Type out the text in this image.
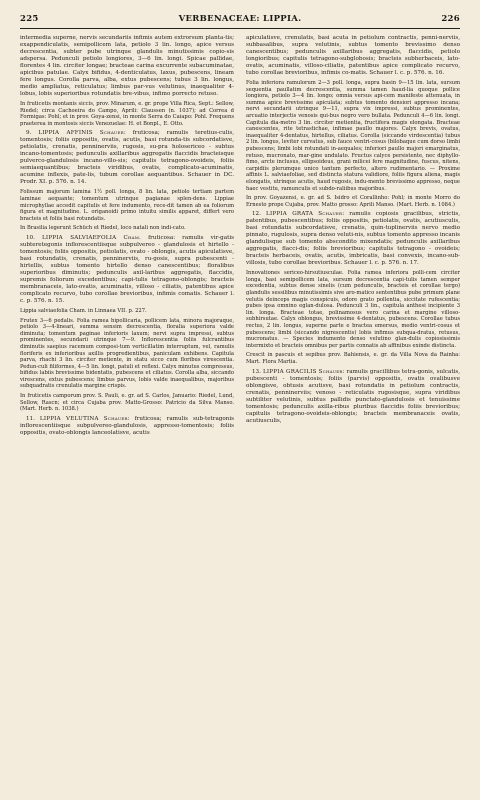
225	VERBENACEAE: LIPPIA.	226

intermedia superne, nervis secundariis infimis autem extrorsum planta-tis; exappendiculatis, semipollicem lata, petiolo 3 lin. longo, apice versus decrescentia, subter pube utrinque glandulis minutissimis copio-sis adspersa. Pedunculi petiolo longiores, 3—6 lin. longi. Spicae pallidae, florentes 4 lin. circiter longae; bracteae carina excurrente subacuminatae, apicibus patulae. Calyx bifidus, 4-denticulatus, laxus, pubescens, lineam fere longus. Corolla parva, alba, extus pubescens; tubus 3 lin. longus, medio ampliatus, reticulatus; limbus par-vus velutinus, inaequaliter 4-lobus, lobis superioribus rotundatis bre-vibus, infimo porrecto retuso.

In fruticetis montanis siccis, prov. Minarum, e. gr. prope Villa Rica, Sept.: Sellow, Riedel; circa Cachoeira do Campo, Aprili: Claussen (n. 1037); ad Correa d Formigas: Pohl; et in prov. Goya-zensi, in monte Serra do Caiapo: Pohl. Frequens praeterea in montosis siccis Venezuelae: H. et Bonpl., E. Otto.

9. LIPPIA AFFINIS Schauer: fruticosa; ramulis teretius-culis, tomentosis; foliis oppositis, ovatis, acutis, basi rotunda-tis subcordatisve, petiolatis, crenatis, penninerviis, rugosis, su-pra holosericeo - subtus incano-tomentosis; pedunculis axillaribus aggregatis flaccidis bracteisque pulverco-glandulosis incano-villo-sis; capitulis tetragono-ovoideis, foliis semiaequantibus; bracteis viridibus, ovatis, complicato-acuminatis, acumine inflexis, pate-lis, tubum corollae aequantibus. Schauer in DC. Prodr. XI. p. 576. n. 14.

Folissum majorum lamina 1½ poll. longa, 8 lin. lata, petiolo tertiam partem laminae aequante; tomentum utrinque pagianae splen-dens. Lippiae microphyllae accedit capitulis et fere indumento, rece-dit tamen ab ea foliorum figura et magnitudine. L. origanoidi primo intuitu similis apparet, differt vero bracteis et foliis basi rotundatis.

In Brasilia legerunt Schüch et Riedel, loco natali non indi-cato.

10. LIPPIA SALVIAEFOLIA Cham. fruticosa: ramulis vir-gatis subteretegonis inflorescentiisque subpulvereo - glandulosis et hirtello - tomentosis; foliis oppositis, petiolatis, ovato - oblongis, acutis apiculatisve, basi rotundatis, crenatis, penninerviis, ru-gosis, supra pubescenti - hirtellis, subtus tomento hirtello denso canescentibus; floralibus superioribus diminutis; pedunculis axil-laribus aggregatis, flaccidis, supremis foliorum excedentibus; capi-tulis tetragono-oblongis; bracteis membranaceis, lato-ovatis, acuminatis, villoso - ciliatis, patentibus apice complicato recurvo, tubo corollae brevioribus, infimis comatis. Schauer l. c. p. 576. n. 15.

Lippia salviaefolia Cham. in Linnaea VII. p. 227.

Frutex 3—6 pedalis. Folia ramea bipollicaria, pollicem lata, minora majoraque, petiolo 3—4-lineari, summa sensim decrescentia, floralia superiora valde diminuta; tomentum paginae inferioris laxum; nervi supra impressi, subtus prominentes, secundarii utrinque 7—9. Inflorescentia foliis fulcrantibus diminutis saepius racemum composi-tum verticillatim interruptum, vel, ramulis floriferis ex inferioribus axillis progredientibus, paniculam exhibens. Capitula parva, rhachi 3 lin. circiter metiente, in statu sicco cum floribus virescentia. Pedun-culi filiformes, 4—5 lin. longi, patuli et reflexi. Calyx minutus compressus, bifidus labiis brevissime bidentatis, pubescens et ciliatus. Corolla alba, siccando virescens, extus pubescens; limbus parvus, lobis valde inaequalibus, majoribus subquadratis crenulatis margine crispis.

In fruticetis camporum prov. S. Pauli, e. gr. ad S. Carlos, Januario: Riedel, Lund, Sellow, Rascn; et circa Cujaba prov. Matto-Grosso: Patricio da Silva Manso. (Mart. Herb. n. 1038.)

11. LIPPIA VELUTINA Schauer: fruticosa; ramulis sub-tetragonis inflorescentiisque subpulvereo-glandulosis, appresso-tomentosis; foliis oppositis, ovato-oblongis lanceolatisve, acutis

apiculatisve, crenulatis, basi acuta in petiolum contractis, penni-nerviis, subbasalibus, supra velutinis, subtus tomento brevissimo denso canescentibus; pedunculis axillaribus aggregatis, flaccidis, petiolo longioribus; capitulis tetragono-subglobosis; bracteis subherbaceis, lato-ovatis, acuminatis, villoso-ciliatis, patentibus apice complicato recurvo, tubo corollae brevioribus, infimis co-matis. Schauer l. c. p. 576. n. 16.

Folia inferiora ramulorum 2—3 poll. longa, supra basin 9—15 lin. lata, sursum sequentia paullatim decrescentia, summa tamen haud-lia quoque pollice longiora, petiolo 3—4 lin. longo; omnia versus api-cem manifeste attenuata, in summa apice brevissime apiculata; subtus tomento densiori appresso incana; nervi secundarii utrinque 9—11, supra vix impressi, subtus prominentes, arcuatio interjectis venosis qui-bus negro vero bullata. Pedunculi 4—6 lin. longi. Capitula dia-metro 3 lin. circiter metientia, fructifera magis elongata. Bracteae canescentes, rite tetrastichae, infimae paullo majores. Calyx brevis, ovatus, inaequaliter 4-dentatus, hirtellus, ciliatus. Corolla (siccando virdescentia) tubus 2 lin. longus, leviter curvatus, sub fauce ventri-cosus (bilobaque cum dorso limbi pubescens; limbi lobi rotundati in-aequales; inferiori paullo majori emarginatus, retuso, mucronato, mar-gine undulato. Fructus calyce persistente, nec diphyllo-fimo, arcte inclusus, ellipsoideus, grani milicei fere magnitudine, fuscus, nitens, carpidiis plerumque unico tantum perfecto, altero rudimentario. — Proxime affinis L. salviaefoliae, sed distincta statura validiore, foliis figura aliena, magis elongatis, utrinque acutis, haud rugosis, indu-mento brevissimo appresso, neque haec vestitu, ramunculis et subdo-raliibus majoribus.

In prov. Goyazensi, e. gr. ad S. Isidro et Corallinho: Pohl; in monte Morro do Ernesto prope Cujaba, prov. Matto grosso: Aprili Manso. (Mart. Herb. n. 1084.)

12. LIPPIA GRATA Schauer: ramulis copiosis gracilibus, strictis, patentibus, pubescentibus; foliis oppositis, petiolatis, ovatis, acutiusculis, basi rotundatis subcordatisve, crenatis, quin-tuplinerviis nervo medio pinnato, rugulosis, supra denso veluti-nis, subtus tomento appresso incanis glandulisque sub tomento abscondito mixendatis; pedunculis axillaribus aggregatis, flacci-dis; foliis brevioribus; capitulis tetragono - ovoideis; bracteis herbaceis, ovatis, acutis, imbricatis, basi convexis, incano-sub-villosis, tubo corollae brevioribus. Schauer l. c. p. 576. n. 17.

Innovationes sericeo-hirsutiusculae. Folia ramea inferiora polli-cem circiter longa, basi semipollicem lata, sursum decrescentia capi-tulis tamen semper excedentia, subtus dense sinelis (cum pedunculis, bracteis et corollae tergo) glandulis sessilibus minutissimis sive aro-matico sententibus pube primum plane velutis deinceps magis conspicuis, odore grato pollentia, siccitate rufescentia; pubes ipsa omnino eglan-dulosa. Pedunculi 3 lin., capitula anthesi incipiente 3 lin. longa. Bracteae totae, polinamosus vero carina et margine villoso-subhirsutae. Calyx oblongus, brevissime 4-dentatus, pubescens. Corollae tubus rectus, 2 lin. longus, superne parte e bractea emersus, medio ventri-cosus et pubescens; limbi (siccando nigrescentis) lobis infimus subqua-dratus, retusus, mucronatus. — Species indumento denso velutino glan-dulis copiosissimis intermixto et bracteis omnibus per partis connatis ab affinibus exinde distincta.

Crescit in pascuis et sepibus prov. Bahiensis, e. gr. da Villa Nova da Rainha: Mart. Flora Martia.

13. LIPPIA GRACILIS Schauer: ramulis gracillibus tetra-gonis, sulcatis, pubescenti - tomentosis; foliis (parvis) oppositis, ovatis ovalibusve oblongisve, obtusis acutisve, basi rotundatis in petiolum contractis, crenatis, penninerviis; venoso - reticulatis rugosisque, supra viridibus subtiliter velutinis, subtus pallidis punctato-glandulosis et tenuissime tomentosis; pedunculis axilla-ribus pluribus flaccidis foliis brevioribus; capitulis tetragono-ovoideis-oblongis; bracteis membranaceis ovatis, acutiusculis,
